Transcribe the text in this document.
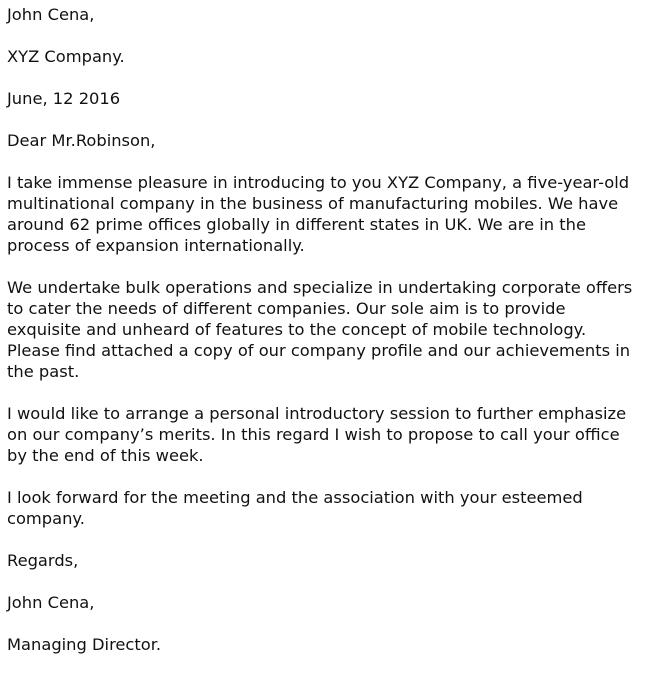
John Cena,

XYZ Company.

June, 12 2016

Dear Mr.Robinson,

I take immense pleasure in introducing to you XYZ Company, a five-year-old multinational company in the business of manufacturing mobiles. We have around 62 prime offices globally in different states in UK. We are in the process of expansion internationally.

We undertake bulk operations and specialize in undertaking corporate offers to cater the needs of different companies. Our sole aim is to provide exquisite and unheard of features to the concept of mobile technology. Please find attached a copy of our company profile and our achievements in the past.

I would like to arrange a personal introductory session to further emphasize on our company’s merits. In this regard I wish to propose to call your office by the end of this week.

I look forward for the meeting and the association with your esteemed company.

Regards,

John Cena,

Managing Director.
